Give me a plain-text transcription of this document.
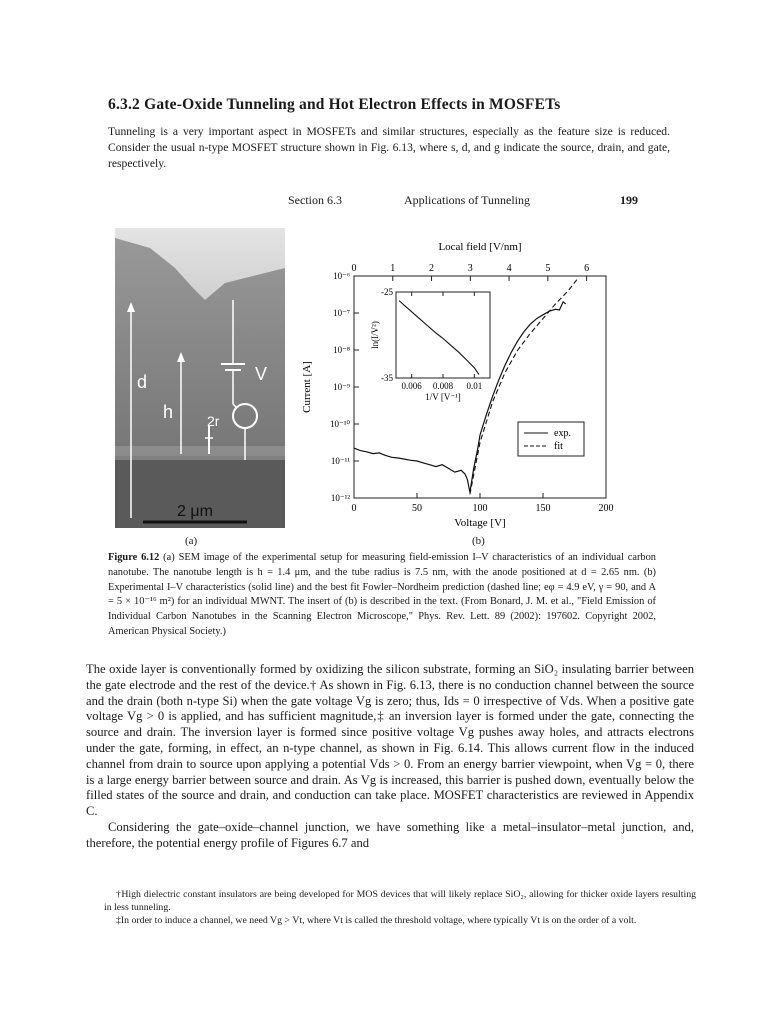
6.3.2 Gate-Oxide Tunneling and Hot Electron Effects in MOSFETs
Tunneling is a very important aspect in MOSFETs and similar structures, especially as the feature size is reduced. Consider the usual n-type MOSFET structure shown in Fig. 6.13, where s, d, and g indicate the source, drain, and gate, respectively.
Section 6.3	Applications of Tunneling	199
d
h 2r
V
2 μm
(a)
0	50	100	150	200
0	1	2	3	4	5	6
10⁻⁶
10⁻⁷
10⁻⁸
10⁻⁹
10⁻¹⁰
10⁻¹¹
10⁻¹²
Local field [V/nm]
Voltage [V]
Current [A]
exp.
fit
0.006 0.008 0.01
-25
-35
1/V [V⁻¹]
ln(I/V²)
(b)
Figure 6.12 (a) SEM image of the experimental setup for measuring field-emission I–V characteristics of an individual carbon nanotube. The nanotube length is h = 1.4 μm, and the tube radius is 7.5 nm, with the anode positioned at d = 2.65 nm. (b) Experimental I–V characteristics (solid line) and the best fit Fowler–Nordheim prediction (dashed line; eφ = 4.9 eV, γ = 90, and A = 5 × 10⁻¹⁶ m²) for an individual MWNT. The insert of (b) is described in the text. (From Bonard, J. M. et al., "Field Emission of Individual Carbon Nanotubes in the Scanning Electron Microscope," Phys. Rev. Lett. 89 (2002): 197602. Copyright 2002, American Physical Society.)

The oxide layer is conventionally formed by oxidizing the silicon substrate, forming an SiO₂ insulating barrier between the gate electrode and the rest of the device.† As shown in Fig. 6.13, there is no conduction channel between the source and the drain (both n-type Si) when the gate voltage Vg is zero; thus, Ids = 0 irrespective of Vds. When a positive gate voltage Vg > 0 is applied, and has sufficient magnitude,‡ an inversion layer is formed under the gate, connecting the source and drain. The inversion layer is formed since positive voltage Vg pushes away holes, and attracts electrons under the gate, forming, in effect, an n-type channel, as shown in Fig. 6.14. This allows current flow in the induced channel from drain to source upon applying a potential Vds > 0. From an energy barrier viewpoint, when Vg = 0, there is a large energy barrier between source and drain. As Vg is increased, this barrier is pushed down, eventually below the filled states of the source and drain, and conduction can take place. MOSFET characteristics are reviewed in Appendix C.

Considering the gate–oxide–channel junction, we have something like a metal–insulator–metal junction, and, therefore, the potential energy profile of Figures 6.7 and

†High dielectric constant insulators are being developed for MOS devices that will likely replace SiO₂, allowing for thicker oxide layers resulting in less tunneling.

‡In order to induce a channel, we need Vg > Vt, where Vt is called the threshold voltage, where typically Vt is on the order of a volt.
